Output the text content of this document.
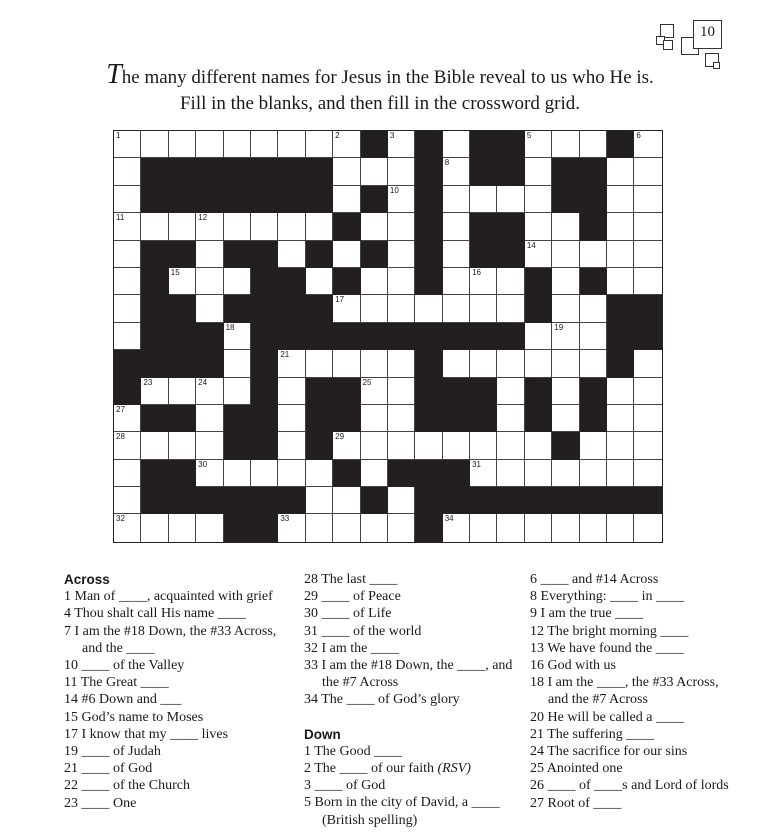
10
The many different names for Jesus in the Bible reveal to us who He is.
Fill in the blanks, and then fill in the crossword grid.
1	2	3	4	5	6
7	8
9	10
11	12	13
14
15	16
17
18	19	20
21	22
23	24	25	26
27
28	29
30	31
32	33	34
Across
1 Man of ____, acquainted with grief
4 Thou shalt call His name ____
7 I am the #18 Down, the #33 Across, and the ____
10 ____ of the Valley
11 The Great ____
14 #6 Down and ___
15 God’s name to Moses
17 I know that my ____ lives
19 ____ of Judah
21 ____ of God
22 ____ of the Church
23 ____ One
28 The last ____
29 ____ of Peace
30 ____ of Life
31 ____ of the world
32 I am the ____
33 I am the #18 Down, the ____, and the #7 Across
34 The ____ of God’s glory
Down
1 The Good ____
2 The ____ of our faith (RSV)
3 ____ of God
5 Born in the city of David, a ____ (British spelling)
6 ____ and #14 Across
8 Everything: ____ in ____
9 I am the true ____
12 The bright morning ____
13 We have found the ____
16 God with us
18 I am the ____, the #33 Across, and the #7 Across
20 He will be called a ____
21 The suffering ____
24 The sacrifice for our sins
25 Anointed one
26 ____ of ____s and Lord of lords
27 Root of ____
